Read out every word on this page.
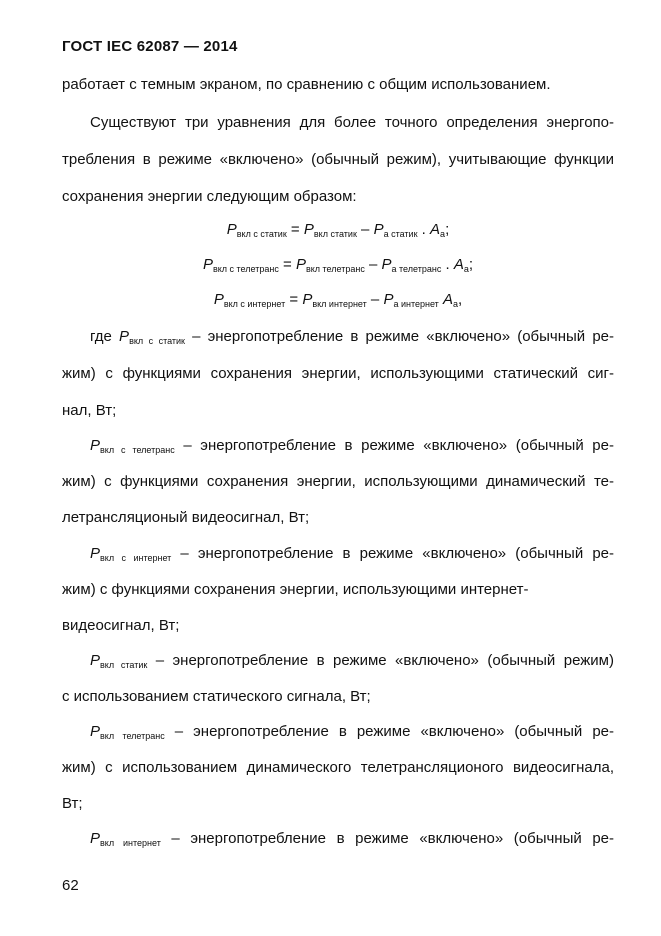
ГОСТ IEC 62087 — 2014
работает с темным экраном, по сравнению с общим использованием.
Существуют три уравнения для более точного определения энергопо-
требления в режиме «включено» (обычный режим), учитывающие функции
сохранения энергии следующим образом:
$P_{вкл с статик} = P_{вкл статик} - P_{а статик}$ . $A_а$;
$P_{вкл с телетранс} = P_{вкл телетранс} - P_{а телетранс}$ . $A_а$;
$P_{вкл с интернет} = P_{вкл интернет} - P_{а интернет}$ $A_а$,
где $P_{вкл с статик}$ – энергопотребление в режиме «включено» (обычный ре-
жим) с функциями сохранения энергии, использующими статический сиг-
нал, Вт;
$P_{вкл с телетранс}$ – энергопотребление в режиме «включено» (обычный ре-
жим) с функциями сохранения энергии, использующими динамический те-
летрансляционый видеосигнал, Вт;
$P_{вкл с интернет}$ – энергопотребление в режиме «включено» (обычный ре-
жим) с функциями сохранения энергии, использующими интернет-
видеосигнал, Вт;
$P_{вкл статик}$ – энергопотребление в режиме «включено» (обычный режим)
с использованием статического сигнала, Вт;
$P_{вкл телетранс}$ – энергопотребление в режиме «включено» (обычный ре-
жим) с использованием динамического телетрансляционого видеосигнала,
Вт;
$P_{вкл интернет}$ – энергопотребление в режиме «включено» (обычный ре-
62
